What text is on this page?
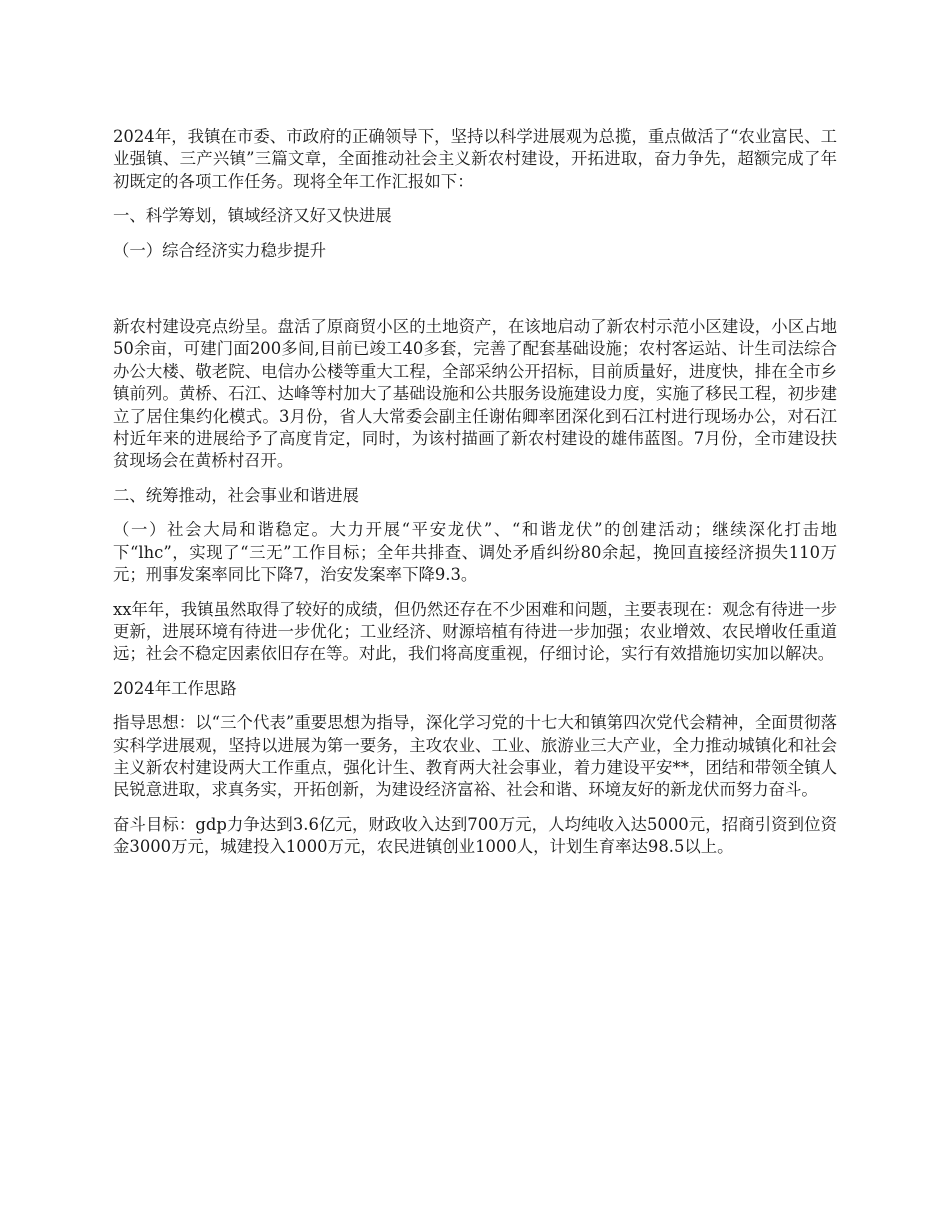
2024年，我镇在市委、市政府的正确领导下，坚持以科学进展观为总揽，重点做活了“农业富民、工业强镇、三产兴镇”三篇文章，全面推动社会主义新农村建设，开拓进取，奋力争先，超额完成了年初既定的各项工作任务。现将全年工作汇报如下：

一、科学筹划，镇域经济又好又快进展

（一）综合经济实力稳步提升

新农村建设亮点纷呈。盘活了原商贸小区的土地资产，在该地启动了新农村示范小区建设，小区占地50余亩，可建门面200多间,目前已竣工40多套，完善了配套基础设施；农村客运站、计生司法综合办公大楼、敬老院、电信办公楼等重大工程，全部采纳公开招标，目前质量好，进度快，排在全市乡镇前列。黄桥、石江、达峰等村加大了基础设施和公共服务设施建设力度，实施了移民工程，初步建立了居住集约化模式。3月份，省人大常委会副主任谢佑卿率团深化到石江村进行现场办公，对石江村近年来的进展给予了高度肯定，同时，为该村描画了新农村建设的雄伟蓝图。7月份，全市建设扶贫现场会在黄桥村召开。

二、统筹推动，社会事业和谐进展

（一）社会大局和谐稳定。大力开展“平安龙伏”、“和谐龙伏”的创建活动；继续深化打击地下“lhc”，实现了“三无”工作目标；全年共排查、调处矛盾纠纷80余起，挽回直接经济损失110万元；刑事发案率同比下降7，治安发案率下降9.3。

xx年年，我镇虽然取得了较好的成绩，但仍然还存在不少困难和问题，主要表现在：观念有待进一步更新，进展环境有待进一步优化；工业经济、财源培植有待进一步加强；农业增效、农民增收任重道远；社会不稳定因素依旧存在等。对此，我们将高度重视，仔细讨论，实行有效措施切实加以解决。

2024年工作思路

指导思想：以“三个代表”重要思想为指导，深化学习党的十七大和镇第四次党代会精神，全面贯彻落实科学进展观，坚持以进展为第一要务，主攻农业、工业、旅游业三大产业，全力推动城镇化和社会主义新农村建设两大工作重点，强化计生、教育两大社会事业，着力建设平安**，团结和带领全镇人民锐意进取，求真务实，开拓创新，为建设经济富裕、社会和谐、环境友好的新龙伏而努力奋斗。

奋斗目标：gdp力争达到3.6亿元，财政收入达到700万元，人均纯收入达5000元，招商引资到位资金3000万元，城建投入1000万元，农民进镇创业1000人，计划生育率达98.5以上。
